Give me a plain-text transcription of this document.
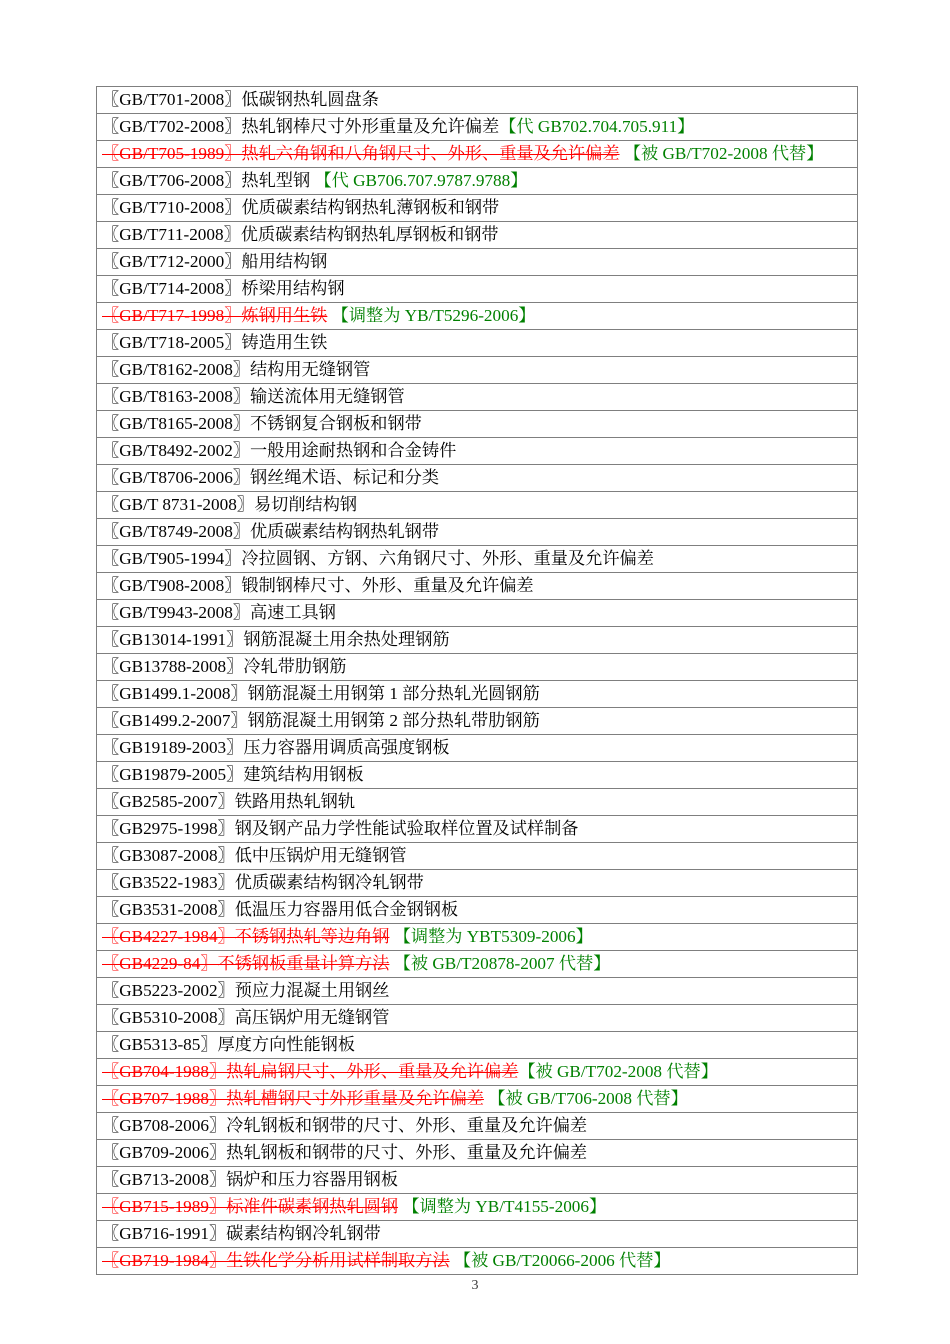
〖GB/T701-2008〗低碳钢热轧圆盘条
〖GB/T702-2008〗热轧钢棒尺寸外形重量及允许偏差【代 GB702.704.705.911】
〖GB/T705-1989〗热轧六角钢和八角钢尺寸、外形、重量及允许偏差 【被 GB/T702-2008 代替】
〖GB/T706-2008〗热轧型钢 【代 GB706.707.9787.9788】
〖GB/T710-2008〗优质碳素结构钢热轧薄钢板和钢带
〖GB/T711-2008〗优质碳素结构钢热轧厚钢板和钢带
〖GB/T712-2000〗船用结构钢
〖GB/T714-2008〗桥梁用结构钢
〖GB/T717-1998〗炼钢用生铁 【调整为 YB/T5296-2006】
〖GB/T718-2005〗铸造用生铁
〖GB/T8162-2008〗结构用无缝钢管
〖GB/T8163-2008〗输送流体用无缝钢管
〖GB/T8165-2008〗不锈钢复合钢板和钢带
〖GB/T8492-2002〗一般用途耐热钢和合金铸件
〖GB/T8706-2006〗钢丝绳术语、标记和分类
〖GB/T 8731-2008〗易切削结构钢
〖GB/T8749-2008〗优质碳素结构钢热轧钢带
〖GB/T905-1994〗冷拉圆钢、方钢、六角钢尺寸、外形、重量及允许偏差
〖GB/T908-2008〗锻制钢棒尺寸、外形、重量及允许偏差
〖GB/T9943-2008〗高速工具钢
〖GB13014-1991〗钢筋混凝土用余热处理钢筋
〖GB13788-2008〗冷轧带肋钢筋
〖GB1499.1-2008〗钢筋混凝土用钢第 1 部分热轧光圆钢筋
〖GB1499.2-2007〗钢筋混凝土用钢第 2 部分热轧带肋钢筋
〖GB19189-2003〗压力容器用调质高强度钢板
〖GB19879-2005〗建筑结构用钢板
〖GB2585-2007〗铁路用热轧钢轨
〖GB2975-1998〗钢及钢产品力学性能试验取样位置及试样制备
〖GB3087-2008〗低中压锅炉用无缝钢管
〖GB3522-1983〗优质碳素结构钢冷轧钢带
〖GB3531-2008〗低温压力容器用低合金钢钢板
〖GB4227-1984〗不锈钢热轧等边角钢 【调整为 YBT5309-2006】
〖GB4229-84〗不锈钢板重量计算方法 【被 GB/T20878-2007 代替】
〖GB5223-2002〗预应力混凝土用钢丝
〖GB5310-2008〗高压锅炉用无缝钢管
〖GB5313-85〗厚度方向性能钢板
〖GB704-1988〗热轧扁钢尺寸、外形、重量及允许偏差【被 GB/T702-2008 代替】
〖GB707-1988〗热轧槽钢尺寸外形重量及允许偏差 【被 GB/T706-2008 代替】
〖GB708-2006〗冷轧钢板和钢带的尺寸、外形、重量及允许偏差
〖GB709-2006〗热轧钢板和钢带的尺寸、外形、重量及允许偏差
〖GB713-2008〗锅炉和压力容器用钢板
〖GB715-1989〗标准件碳素钢热轧圆钢 【调整为 YB/T4155-2006】
〖GB716-1991〗碳素结构钢冷轧钢带
〖GB719-1984〗生铁化学分析用试样制取方法 【被 GB/T20066‐2006 代替】
3
